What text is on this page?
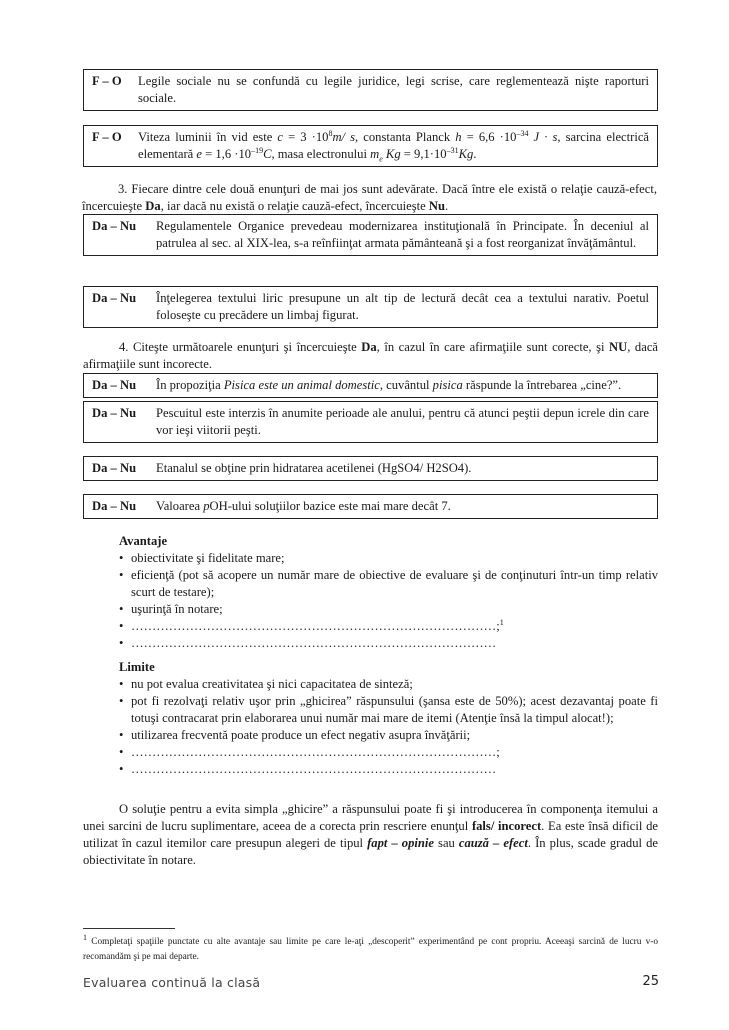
F – O	Legile sociale nu se confundă cu legile juridice, legi scrise, care reglementează nişte raporturi sociale.
F – O	Viteza luminii în vid este $c = 3 \cdot 10^8m/$ s, constanta Planck $h = 6,6 \cdot 10^{-34}$ J · s, sarcina electrică elementară $e = 1,6 \cdot 10^{-19}C$, masa electronului $m_e$ $Kg = 9,1\cdot 10^{-31}Kg$.
3. Fiecare dintre cele două enunţuri de mai jos sunt adevărate. Dacă între ele există o relaţie cauză-efect, încercuieşte Da, iar dacă nu există o relaţie cauză-efect, încercuieşte Nu.
Da – Nu	Regulamentele Organice prevedeau modernizarea instituţională în Principate. În deceniul al patrulea al sec. al XIX-lea, s-a reînfiinţat armata pământeană şi a fost reorganizat învăţământul.
Da – Nu	Înţelegerea textului liric presupune un alt tip de lectură decât cea a textului narativ. Poetul foloseşte cu precădere un limbaj figurat.
4. Citeşte următoarele enunţuri şi încercuieşte Da, în cazul în care afirmaţiile sunt corecte, şi NU, dacă afirmaţiile sunt incorecte.
Da – Nu	În propoziţia Pisica este un animal domestic, cuvântul pisica răspunde la întrebarea „cine?”.
Da – Nu	Pescuitul este interzis în anumite perioade ale anului, pentru că atunci peştii depun icrele din care vor ieşi viitorii peşti.
Da – Nu	Etanalul se obţine prin hidratarea acetilenei (HgSO4/ H2SO4).
Da – Nu	Valoarea pOH-ului soluţiilor bazice este mai mare decât 7.
Avantaje
• obiectivitate şi fidelitate mare;
• eficienţă (pot să acopere un număr mare de obiective de evaluare şi de conţinuturi într-un timp relativ scurt de testare);
• uşurinţă în notare;
• ……………………………………………………………………………;$^1$
• ……………………………………………………………………………
Limite
• nu pot evalua creativitatea şi nici capacitatea de sinteză;
• pot fi rezolvaţi relativ uşor prin „ghicirea” răspunsului (şansa este de 50%); acest dezavantaj poate fi totuşi contracarat prin elaborarea unui număr mai mare de itemi (Atenţie însă la timpul alocat!);
• utilizarea frecventă poate produce un efect negativ asupra învăţării;
• ……………………………………………………………………………;
• ……………………………………………………………………………
O soluţie pentru a evita simpla „ghicire” a răspunsului poate fi şi introducerea în componenţa itemului a unei sarcini de lucru suplimentare, aceea de a corecta prin rescriere enunţul fals/ incorect. Ea este însă dificil de utilizat în cazul itemilor care presupun alegeri de tipul fapt – opinie sau cauză – efect. În plus, scade gradul de obiectivitate în notare.
$^1$ Completaţi spaţiile punctate cu alte avantaje sau limite pe care le-aţi „descoperit” experimentând pe cont propriu. Aceeaşi sarcină de lucru v-o recomandăm şi pe mai departe.
Evaluarea continuă la clasă	25
